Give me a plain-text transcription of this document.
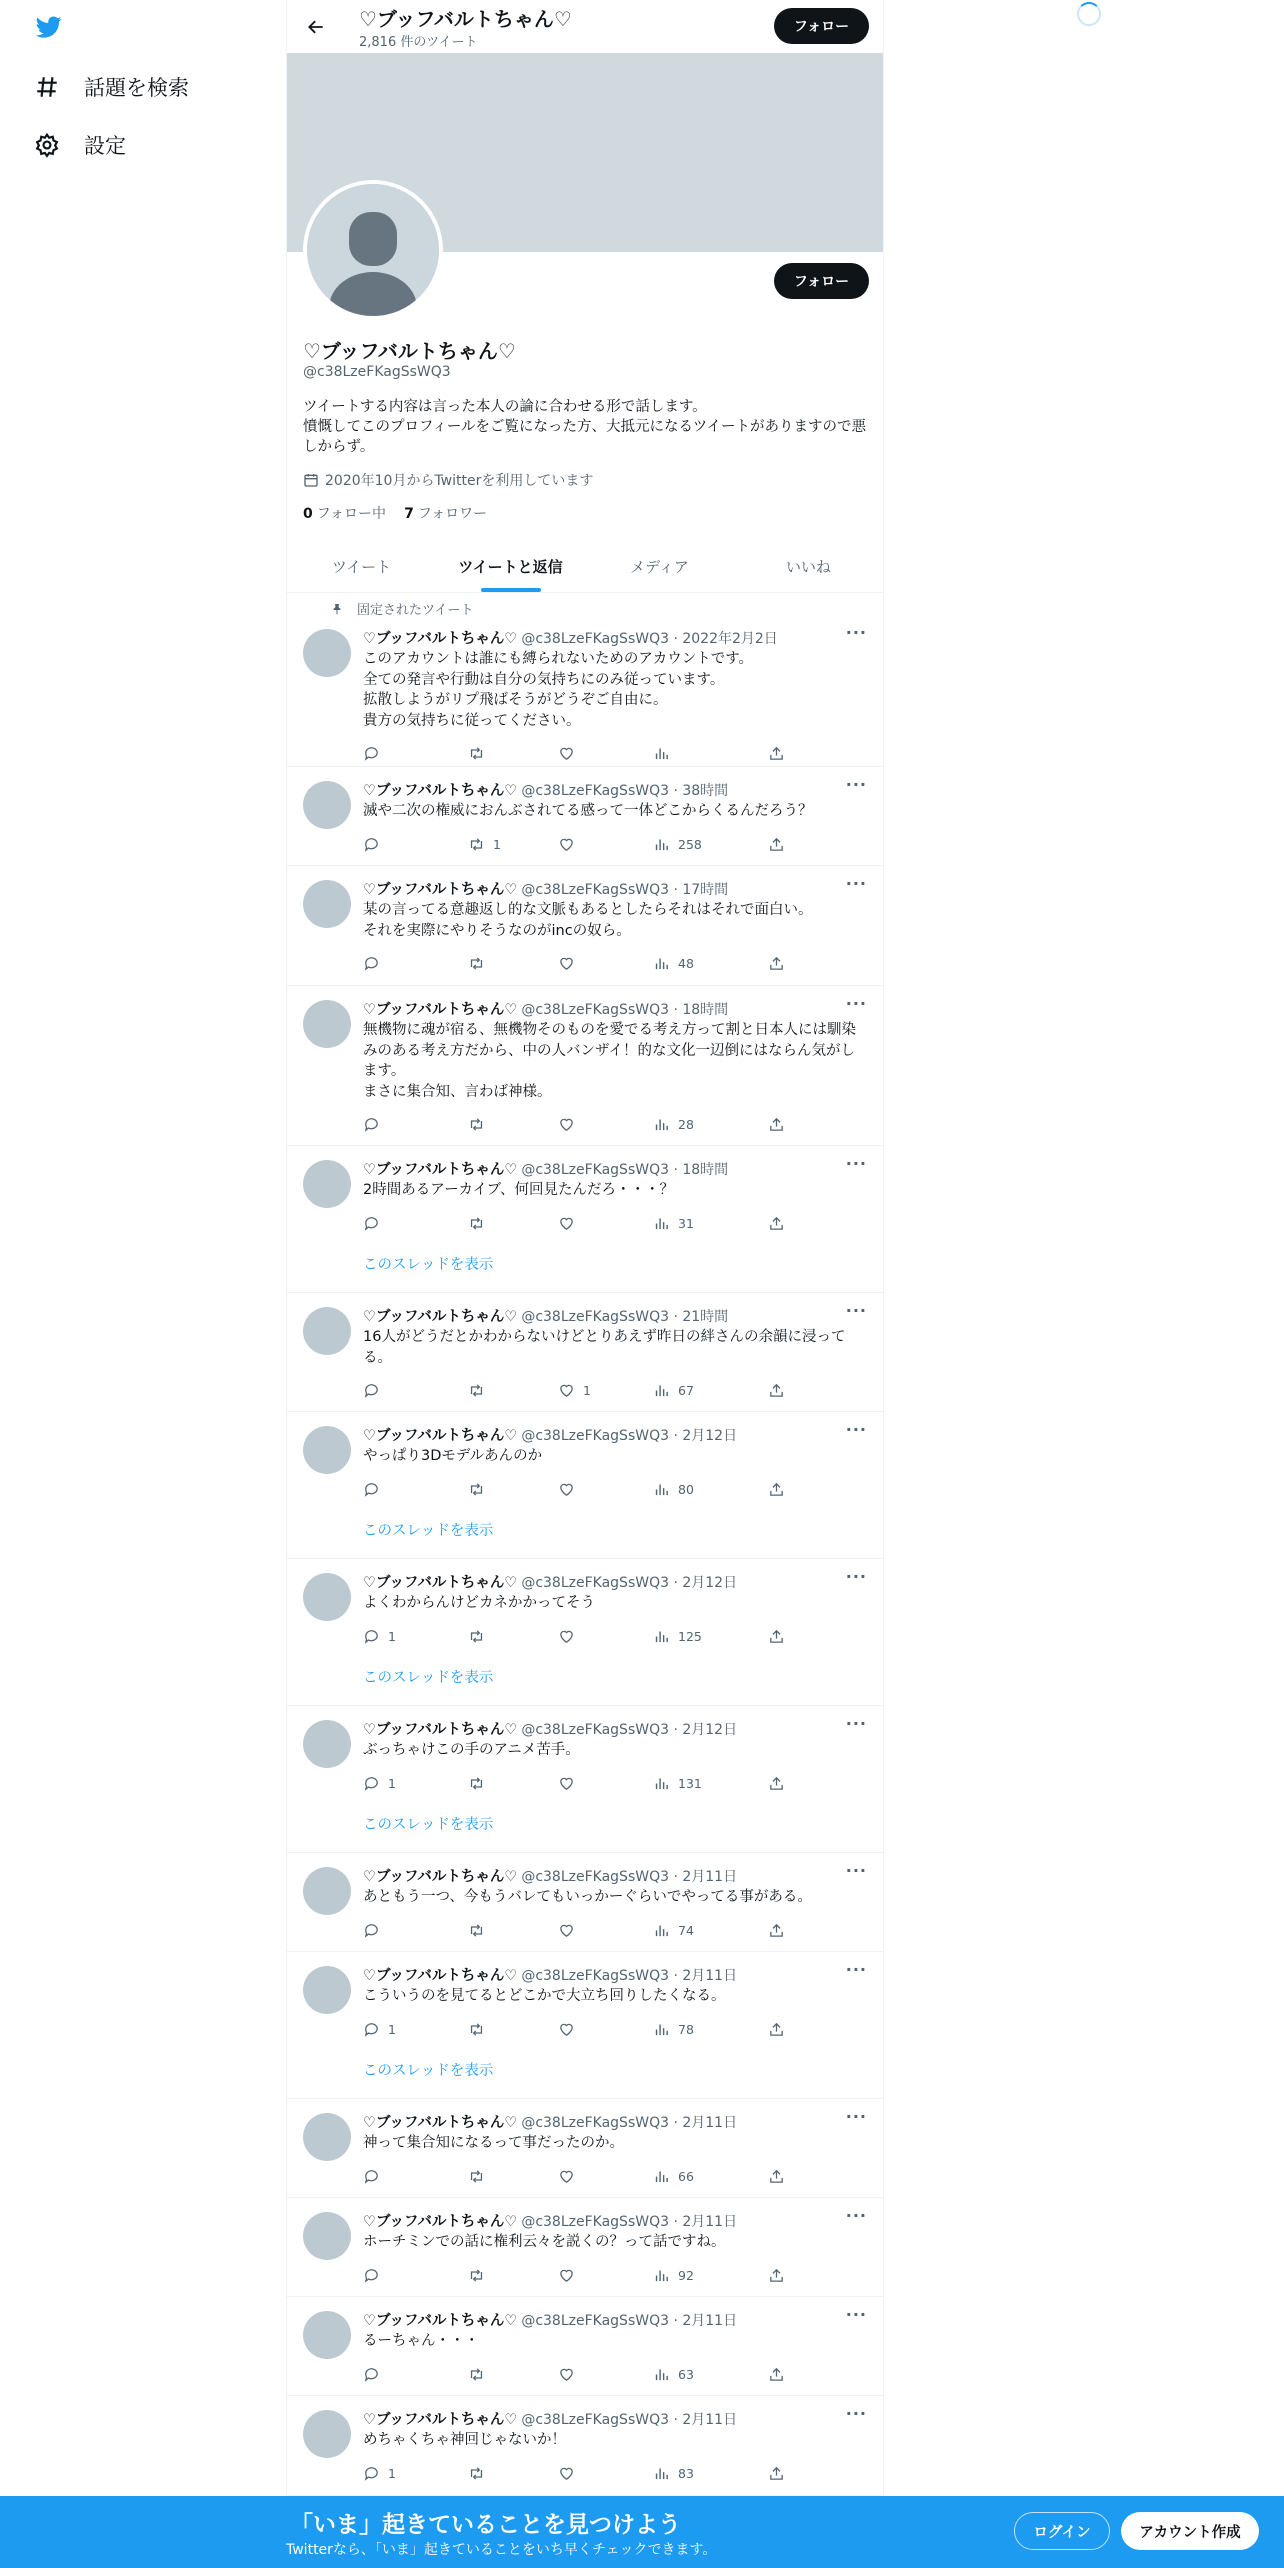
話題を検索
設定
♡ブッフバルトちゃん♡
2,816 件のツイート
フォロー
フォロー
♡ブッフバルトちゃん♡
@c38LzeFKagSsWQ3
ツイートする内容は言った本人の論に合わせる形で話します。
憤慨してこのプロフィールをご覧になった方、大抵元になるツイートがありますので悪しからず。
2020年10月からTwitterを利用しています
0 フォロー中 7 フォロワー
ツイート	ツイートと返信	メディア	いいね
固定されたツイート
♡ブッフバルトちゃん♡ @c38LzeFKagSsWQ3 · 2022年2月2日	···
このアカウントは誰にも縛られないためのアカウントです。
全ての発言や行動は自分の気持ちにのみ従っています。
拡散しようがリプ飛ばそうがどうぞご自由に。
貴方の気持ちに従ってください。
♡ブッフバルトちゃん♡ @c38LzeFKagSsWQ3 · 38時間	···
滅や二次の権威におんぶされてる感って一体どこからくるんだろう？
1	258
♡ブッフバルトちゃん♡ @c38LzeFKagSsWQ3 · 17時間	···
某の言ってる意趣返し的な文脈もあるとしたらそれはそれで面白い。
それを実際にやりそうなのがincの奴ら。
48
♡ブッフバルトちゃん♡ @c38LzeFKagSsWQ3 · 18時間	···
無機物に魂が宿る、無機物そのものを愛でる考え方って割と日本人には馴染みのある考え方だから、中の人バンザイ！的な文化一辺倒にはならん気がします。
まさに集合知、言わば神様。
28
♡ブッフバルトちゃん♡ @c38LzeFKagSsWQ3 · 18時間	···
2時間あるアーカイブ、何回見たんだろ・・・？
31
このスレッドを表示
♡ブッフバルトちゃん♡ @c38LzeFKagSsWQ3 · 21時間	···
16人がどうだとかわからないけどとりあえず昨日の絆さんの余韻に浸ってる。
1	67
♡ブッフバルトちゃん♡ @c38LzeFKagSsWQ3 · 2月12日	···
やっぱり3Dモデルあんのか
80
このスレッドを表示
♡ブッフバルトちゃん♡ @c38LzeFKagSsWQ3 · 2月12日	···
よくわからんけどカネかかってそう
1	125
このスレッドを表示
♡ブッフバルトちゃん♡ @c38LzeFKagSsWQ3 · 2月12日	···
ぶっちゃけこの手のアニメ苦手。
1	131
このスレッドを表示
♡ブッフバルトちゃん♡ @c38LzeFKagSsWQ3 · 2月11日	···
あともう一つ、今もうバレてもいっかーぐらいでやってる事がある。
74
♡ブッフバルトちゃん♡ @c38LzeFKagSsWQ3 · 2月11日	···
こういうのを見てるとどこかで大立ち回りしたくなる。
1	78
このスレッドを表示
♡ブッフバルトちゃん♡ @c38LzeFKagSsWQ3 · 2月11日	···
神って集合知になるって事だったのか。
66
♡ブッフバルトちゃん♡ @c38LzeFKagSsWQ3 · 2月11日	···
ホーチミンでの話に権利云々を説くの？って話ですね。
92
♡ブッフバルトちゃん♡ @c38LzeFKagSsWQ3 · 2月11日	···
るーちゃん・・・
63
♡ブッフバルトちゃん♡ @c38LzeFKagSsWQ3 · 2月11日	···
めちゃくちゃ神回じゃないか！
1	83
「いま」起きていることを見つけよう
Twitterなら、「いま」起きていることをいち早くチェックできます。
ログイン	アカウント作成
